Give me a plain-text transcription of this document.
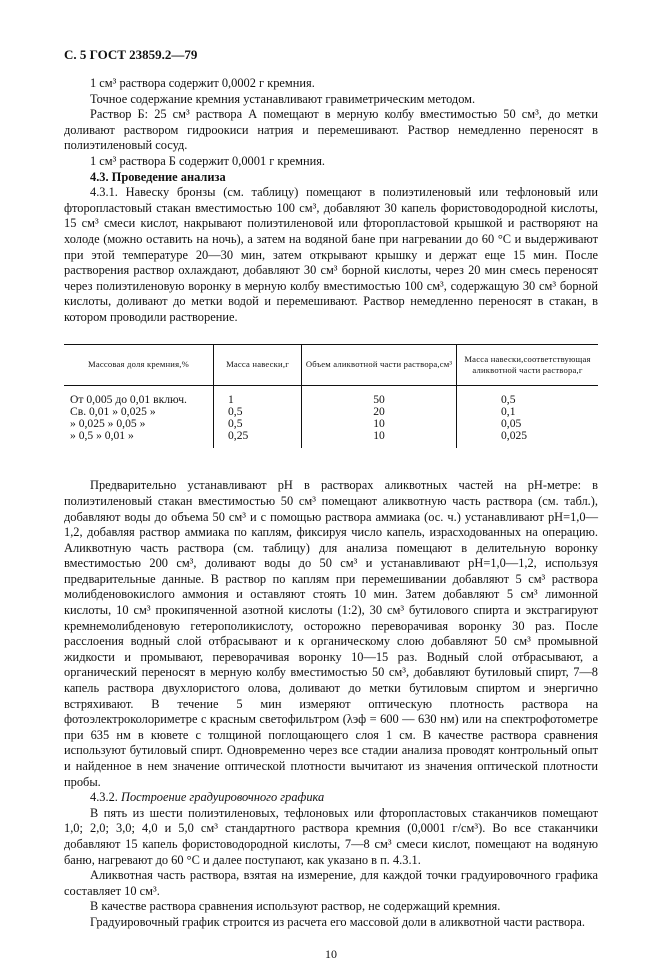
С. 5 ГОСТ 23859.2—79

1 см³ раствора содержит 0,0002 г кремния.

Точное содержание кремния устанавливают гравиметрическим методом.

Раствор Б: 25 см³ раствора А помещают в мерную колбу вместимостью 50 см³, до метки доливают раствором гидроокиси натрия и перемешивают. Раствор немедленно переносят в полиэтиленовый сосуд.

1 см³ раствора Б содержит 0,0001 г кремния.

4.3. Проведение анализа

4.3.1. Навеску бронзы (см. таблицу) помещают в полиэтиленовый или тефлоновый или фторопластовый стакан вместимостью 100 см³, добавляют 30 капель фористоводородной кислоты, 15 см³ смеси кислот, накрывают полиэтиленовой или фторопластовой крышкой и растворяют на холоде (можно оставить на ночь), а затем на водяной бане при нагревании до 60 °С и выдерживают при этой температуре 20—30 мин, затем открывают крышку и держат еще 15 мин. После растворения раствор охлаждают, добавляют 30 см³ борной кислоты, через 20 мин смесь переносят через полиэтиленовую воронку в мерную колбу вместимостью 100 см³, содержащую 30 см³ борной кислоты, доливают до метки водой и перемешивают. Раствор немедленно переносят в стакан, в котором проводили растворение.

Массовая доля кремния,%	Масса навески,г	Объем аликвотной части раствора,см³	Масса навески,соответствующая аликвотной части раствора,г
От 0,005 до 0,01 включ.	1	50	0,5
Св. 0,01 » 0,025 »	0,5	20	0,1
» 0,025 » 0,05 »	0,5	10	0,05
» 0,5 » 0,01 »	0,25	10	0,025

Предварительно устанавливают pH в растворах аликвотных частей на pH-метре: в полиэтиленовый стакан вместимостью 50 см³ помещают аликвотную часть раствора (см. табл.), добавляют воды до объема 50 см³ и с помощью раствора аммиака (ос. ч.) устанавливают pH=1,0—1,2, добавляя раствор аммиака по каплям, фиксируя число капель, израсходованных на операцию. Аликвотную часть раствора (см. таблицу) для анализа помещают в делительную воронку вместимостью 200 см³, доливают воды до 50 см³ и устанавливают pH=1,0—1,2, используя предварительные данные. В раствор по каплям при перемешивании добавляют 5 см³ раствора молибденовокислого аммония и оставляют стоять 10 мин. Затем добавляют 5 см³ лимонной кислоты, 10 см³ прокипяченной азотной кислоты (1:2), 30 см³ бутилового спирта и экстрагируют кремнемолибденовую гетерополикислоту, осторожно переворачивая воронку 30 раз. После расслоения водный слой отбрасывают и к органическому слою добавляют 50 см³ промывной жидкости и промывают, переворачивая воронку 10—15 раз. Водный слой отбрасывают, а органический переносят в мерную колбу вместимостью 50 см³, добавляют бутиловый спирт, 7—8 капель раствора двухлористого олова, доливают до метки бутиловым спиртом и энергично встряхивают. В течение 5 мин измеряют оптическую плотность раствора на фотоэлектроколориметре с красным светофильтром (λэф = 600 — 630 нм) или на спектрофотометре при 635 нм в кювете с толщиной поглощающего слоя 1 см. В качестве раствора сравнения используют бутиловый спирт. Одновременно через все стадии анализа проводят контрольный опыт и найденное в нем значение оптической плотности вычитают из значения оптической плотности пробы.

4.3.2. Построение градуировочного графика

В пять из шести полиэтиленовых, тефлоновых или фторопластовых стаканчиков помещают 1,0; 2,0; 3,0; 4,0 и 5,0 см³ стандартного раствора кремния (0,0001 г/см³). Во все стаканчики добавляют 15 капель фористоводородной кислоты, 7—8 см³ смеси кислот, помещают на водяную баню, нагревают до 60 °С и далее поступают, как указано в п. 4.3.1.

Аликвотная часть раствора, взятая на измерение, для каждой точки градуировочного графика составляет 10 см³.

В качестве раствора сравнения используют раствор, не содержащий кремния.

Градуировочный график строится из расчета его массовой доли в аликвотной части раствора.

10
